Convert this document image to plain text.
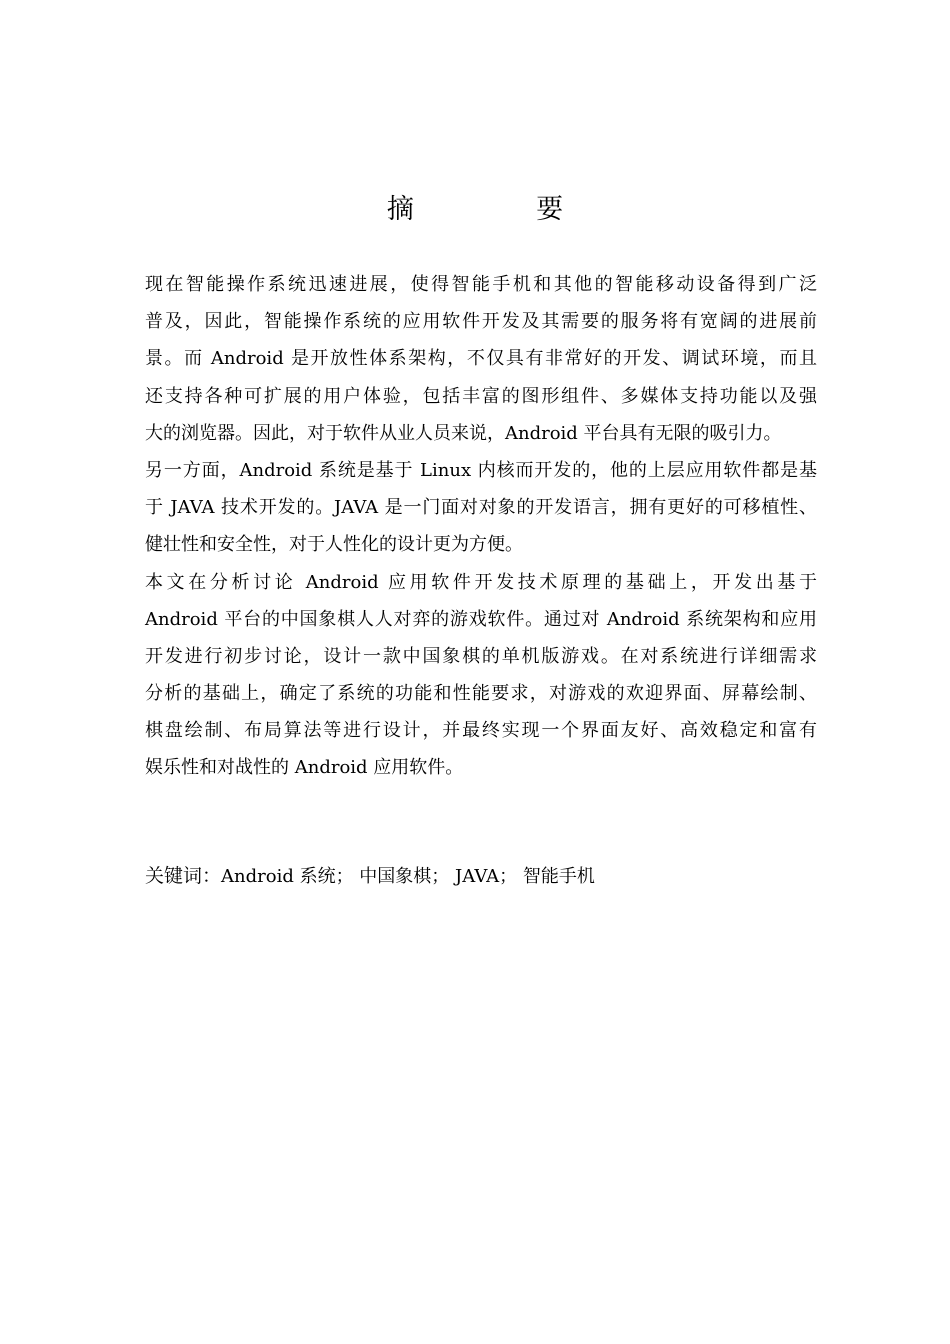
摘    要
现在智能操作系统迅速进展，使得智能手机和其他的智能移动设备得到广泛
普及，因此，智能操作系统的应用软件开发及其需要的服务将有宽阔的进展前
景。而 Android 是开放性体系架构，不仅具有非常好的开发、调试环境，而且
还支持各种可扩展的用户体验，包括丰富的图形组件、多媒体支持功能以及强
大的浏览器。因此，对于软件从业人员来说，Android 平台具有无限的吸引力。
另一方面，Android 系统是基于 Linux 内核而开发的，他的上层应用软件都是基
于 JAVA 技术开发的。JAVA 是一门面对对象的开发语言，拥有更好的可移植性、
健壮性和安全性，对于人性化的设计更为方便。
本文在分析讨论 Android 应用软件开发技术原理的基础上，开发出基于
Android 平台的中国象棋人人对弈的游戏软件。通过对 Android 系统架构和应用
开发进行初步讨论，设计一款中国象棋的单机版游戏。在对系统进行详细需求
分析的基础上，确定了系统的功能和性能要求，对游戏的欢迎界面、屏幕绘制、
棋盘绘制、布局算法等进行设计，并最终实现一个界面友好、高效稳定和富有
娱乐性和对战性的 Android 应用软件。
关键词：Android 系统； 中国象棋； JAVA； 智能手机
